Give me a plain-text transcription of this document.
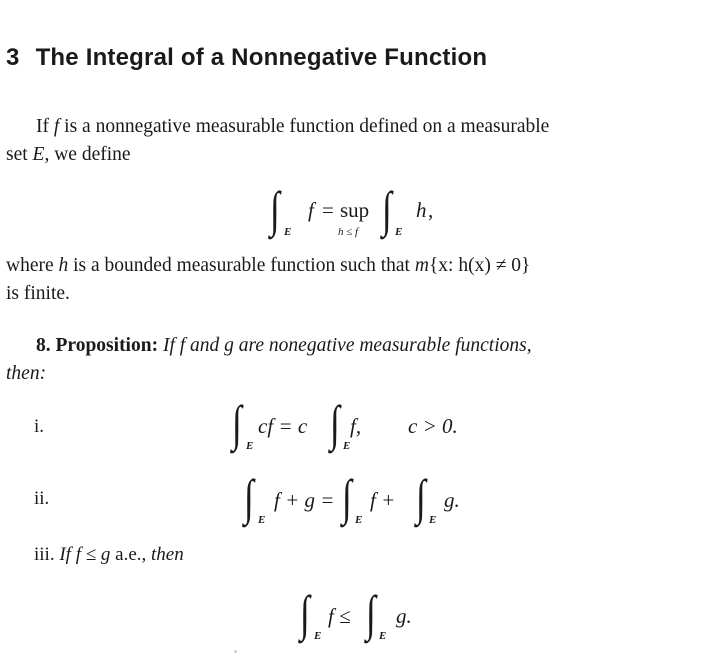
3 The Integral of a Nonnegative Function
If f is a nonnegative measurable function defined on a measurable
set E, we define
∫ E
f = sup
h ≤ f ∫ E
h ,
where h is a bounded measurable function such that m{x: h(x) ≠ 0}
is finite.
8. Proposition: If f and g are nonegative measurable functions,
then:
i.	∫ E
cf = c ∫ E
f, c > 0.
ii.	∫ E
f + g = ∫ E
f + ∫ E
g.
iii. If f ≤ g a.e., then
∫ E
f ≤ ∫ E
g.
